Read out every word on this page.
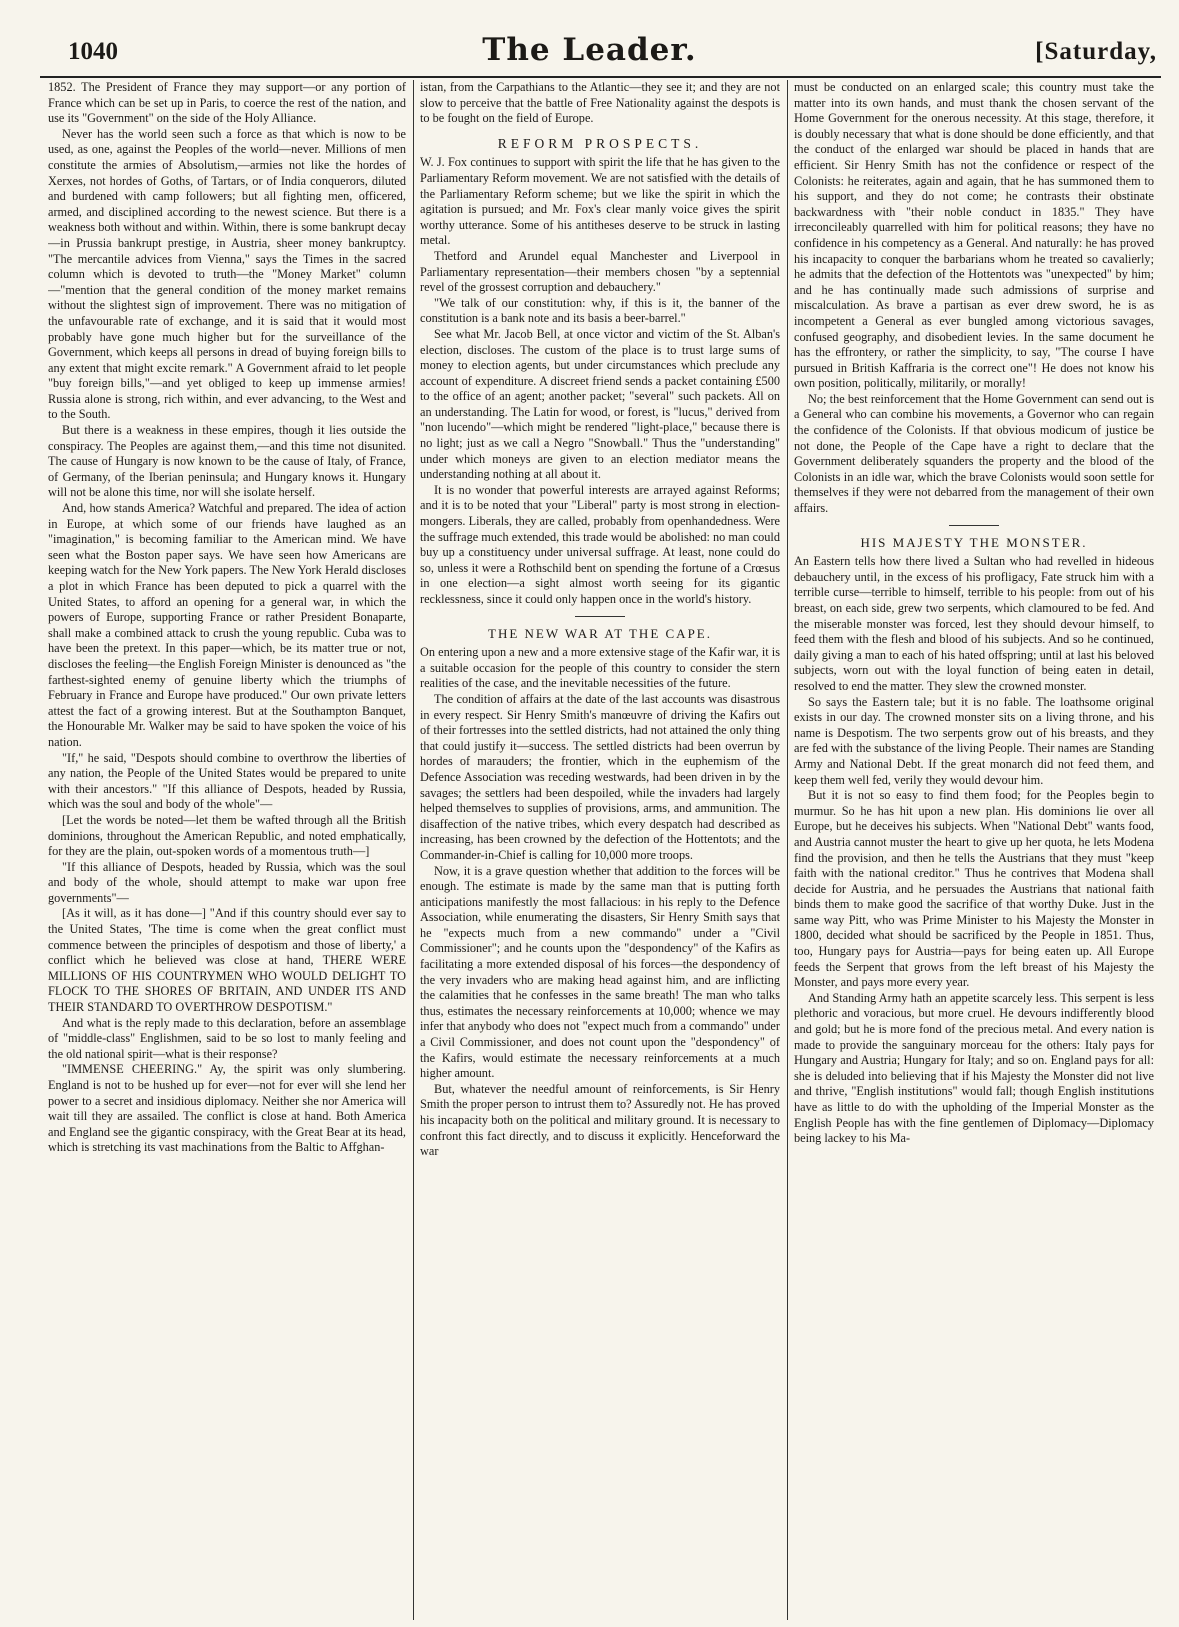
1040	The Leader.	[Saturday,

1852. The President of France they may support—or any portion of France which can be set up in Paris, to coerce the rest of the nation, and use its "Government" on the side of the Holy Alliance.

Never has the world seen such a force as that which is now to be used, as one, against the Peoples of the world—never. Millions of men constitute the armies of Absolutism,—armies not like the hordes of Xerxes, not hordes of Goths, of Tartars, or of India conquerors, diluted and burdened with camp followers; but all fighting men, officered, armed, and disciplined according to the newest science. But there is a weakness both without and within. Within, there is some bankrupt decay—in Prussia bankrupt prestige, in Austria, sheer money bankruptcy. "The mercantile advices from Vienna," says the Times in the sacred column which is devoted to truth—the "Money Market" column—"mention that the general condition of the money market remains without the slightest sign of improvement. There was no mitigation of the unfavourable rate of exchange, and it is said that it would most probably have gone much higher but for the surveillance of the Government, which keeps all persons in dread of buying foreign bills to any extent that might excite remark." A Government afraid to let people "buy foreign bills,"—and yet obliged to keep up immense armies! Russia alone is strong, rich within, and ever advancing, to the West and to the South.

But there is a weakness in these empires, though it lies outside the conspiracy. The Peoples are against them,—and this time not disunited. The cause of Hungary is now known to be the cause of Italy, of France, of Germany, of the Iberian peninsula; and Hungary knows it. Hungary will not be alone this time, nor will she isolate herself.

And, how stands America? Watchful and prepared. The idea of action in Europe, at which some of our friends have laughed as an "imagination," is becoming familiar to the American mind. We have seen what the Boston paper says. We have seen how Americans are keeping watch for the New York papers. The New York Herald discloses a plot in which France has been deputed to pick a quarrel with the United States, to afford an opening for a general war, in which the powers of Europe, supporting France or rather President Bonaparte, shall make a combined attack to crush the young republic. Cuba was to have been the pretext. In this paper—which, be its matter true or not, discloses the feeling—the English Foreign Minister is denounced as "the farthest-sighted enemy of genuine liberty which the triumphs of February in France and Europe have produced." Our own private letters attest the fact of a growing interest. But at the Southampton Banquet, the Honourable Mr. Walker may be said to have spoken the voice of his nation.

"If," he said, "Despots should combine to overthrow the liberties of any nation, the People of the United States would be prepared to unite with their ancestors." "If this alliance of Despots, headed by Russia, which was the soul and body of the whole"—

[Let the words be noted—let them be wafted through all the British dominions, throughout the American Republic, and noted emphatically, for they are the plain, out-spoken words of a momentous truth—]

"If this alliance of Despots, headed by Russia, which was the soul and body of the whole, should attempt to make war upon free governments"—

[As it will, as it has done—] "And if this country should ever say to the United States, 'The time is come when the great conflict must commence between the principles of despotism and those of liberty,' a conflict which he believed was close at hand, THERE WERE MILLIONS OF HIS COUNTRYMEN WHO WOULD DELIGHT TO FLOCK TO THE SHORES OF BRITAIN, AND UNDER ITS AND THEIR STANDARD TO OVERTHROW DESPOTISM."

And what is the reply made to this declaration, before an assemblage of "middle-class" Englishmen, said to be so lost to manly feeling and the old national spirit—what is their response?

"IMMENSE CHEERING." Ay, the spirit was only slumbering. England is not to be hushed up for ever—not for ever will she lend her power to a secret and insidious diplomacy. Neither she nor America will wait till they are assailed. The conflict is close at hand. Both America and England see the gigantic conspiracy, with the Great Bear at its head, which is stretching its vast machinations from the Baltic to Affghan-

istan, from the Carpathians to the Atlantic—they see it; and they are not slow to perceive that the battle of Free Nationality against the despots is to be fought on the field of Europe.

REFORM PROSPECTS.

W. J. Fox continues to support with spirit the life that he has given to the Parliamentary Reform movement. We are not satisfied with the details of the Parliamentary Reform scheme; but we like the spirit in which the agitation is pursued; and Mr. Fox's clear manly voice gives the spirit worthy utterance. Some of his antitheses deserve to be struck in lasting metal.

Thetford and Arundel equal Manchester and Liverpool in Parliamentary representation—their members chosen "by a septennial revel of the grossest corruption and debauchery."

"We talk of our constitution: why, if this is it, the banner of the constitution is a bank note and its basis a beer-barrel."

See what Mr. Jacob Bell, at once victor and victim of the St. Alban's election, discloses. The custom of the place is to trust large sums of money to election agents, but under circumstances which preclude any account of expenditure. A discreet friend sends a packet containing £500 to the office of an agent; another packet; "several" such packets. All on an understanding. The Latin for wood, or forest, is "lucus," derived from "non lucendo"—which might be rendered "light-place," because there is no light; just as we call a Negro "Snowball." Thus the "understanding" under which moneys are given to an election mediator means the understanding nothing at all about it.

It is no wonder that powerful interests are arrayed against Reforms; and it is to be noted that your "Liberal" party is most strong in election-mongers. Liberals, they are called, probably from openhandedness. Were the suffrage much extended, this trade would be abolished: no man could buy up a constituency under universal suffrage. At least, none could do so, unless it were a Rothschild bent on spending the fortune of a Crœsus in one election—a sight almost worth seeing for its gigantic recklessness, since it could only happen once in the world's history.

THE NEW WAR AT THE CAPE.

On entering upon a new and a more extensive stage of the Kafir war, it is a suitable occasion for the people of this country to consider the stern realities of the case, and the inevitable necessities of the future.

The condition of affairs at the date of the last accounts was disastrous in every respect. Sir Henry Smith's manœuvre of driving the Kafirs out of their fortresses into the settled districts, had not attained the only thing that could justify it—success. The settled districts had been overrun by hordes of marauders; the frontier, which in the euphemism of the Defence Association was receding westwards, had been driven in by the savages; the settlers had been despoiled, while the invaders had largely helped themselves to supplies of provisions, arms, and ammunition. The disaffection of the native tribes, which every despatch had described as increasing, has been crowned by the defection of the Hottentots; and the Commander-in-Chief is calling for 10,000 more troops.

Now, it is a grave question whether that addition to the forces will be enough. The estimate is made by the same man that is putting forth anticipations manifestly the most fallacious: in his reply to the Defence Association, while enumerating the disasters, Sir Henry Smith says that he "expects much from a new commando" under a "Civil Commissioner"; and he counts upon the "despondency" of the Kafirs as facilitating a more extended disposal of his forces—the despondency of the very invaders who are making head against him, and are inflicting the calamities that he confesses in the same breath! The man who talks thus, estimates the necessary reinforcements at 10,000; whence we may infer that anybody who does not "expect much from a commando" under a Civil Commissioner, and does not count upon the "despondency" of the Kafirs, would estimate the necessary reinforcements at a much higher amount.

But, whatever the needful amount of reinforcements, is Sir Henry Smith the proper person to intrust them to? Assuredly not. He has proved his incapacity both on the political and military ground. It is necessary to confront this fact directly, and to discuss it explicitly. Henceforward the war

must be conducted on an enlarged scale; this country must take the matter into its own hands, and must thank the chosen servant of the Home Government for the onerous necessity. At this stage, therefore, it is doubly necessary that what is done should be done efficiently, and that the conduct of the enlarged war should be placed in hands that are efficient. Sir Henry Smith has not the confidence or respect of the Colonists: he reiterates, again and again, that he has summoned them to his support, and they do not come; he contrasts their obstinate backwardness with "their noble conduct in 1835." They have irreconcileably quarrelled with him for political reasons; they have no confidence in his competency as a General. And naturally: he has proved his incapacity to conquer the barbarians whom he treated so cavalierly; he admits that the defection of the Hottentots was "unexpected" by him; and he has continually made such admissions of surprise and miscalculation. As brave a partisan as ever drew sword, he is as incompetent a General as ever bungled among victorious savages, confused geography, and disobedient levies. In the same document he has the effrontery, or rather the simplicity, to say, "The course I have pursued in British Kaffraria is the correct one"! He does not know his own position, politically, militarily, or morally!

No; the best reinforcement that the Home Government can send out is a General who can combine his movements, a Governor who can regain the confidence of the Colonists. If that obvious modicum of justice be not done, the People of the Cape have a right to declare that the Government deliberately squanders the property and the blood of the Colonists in an idle war, which the brave Colonists would soon settle for themselves if they were not debarred from the management of their own affairs.

HIS MAJESTY THE MONSTER.

An Eastern tells how there lived a Sultan who had revelled in hideous debauchery until, in the excess of his profligacy, Fate struck him with a terrible curse—terrible to himself, terrible to his people: from out of his breast, on each side, grew two serpents, which clamoured to be fed. And the miserable monster was forced, lest they should devour himself, to feed them with the flesh and blood of his subjects. And so he continued, daily giving a man to each of his hated offspring; until at last his beloved subjects, worn out with the loyal function of being eaten in detail, resolved to end the matter. They slew the crowned monster.

So says the Eastern tale; but it is no fable. The loathsome original exists in our day. The crowned monster sits on a living throne, and his name is Despotism. The two serpents grow out of his breasts, and they are fed with the substance of the living People. Their names are Standing Army and National Debt. If the great monarch did not feed them, and keep them well fed, verily they would devour him.

But it is not so easy to find them food; for the Peoples begin to murmur. So he has hit upon a new plan. His dominions lie over all Europe, but he deceives his subjects. When "National Debt" wants food, and Austria cannot muster the heart to give up her quota, he lets Modena find the provision, and then he tells the Austrians that they must "keep faith with the national creditor." Thus he contrives that Modena shall decide for Austria, and he persuades the Austrians that national faith binds them to make good the sacrifice of that worthy Duke. Just in the same way Pitt, who was Prime Minister to his Majesty the Monster in 1800, decided what should be sacrificed by the People in 1851. Thus, too, Hungary pays for Austria—pays for being eaten up. All Europe feeds the Serpent that grows from the left breast of his Majesty the Monster, and pays more every year.

And Standing Army hath an appetite scarcely less. This serpent is less plethoric and voracious, but more cruel. He devours indifferently blood and gold; but he is more fond of the precious metal. And every nation is made to provide the sanguinary morceau for the others: Italy pays for Hungary and Austria; Hungary for Italy; and so on. England pays for all: she is deluded into believing that if his Majesty the Monster did not live and thrive, "English institutions" would fall; though English institutions have as little to do with the upholding of the Imperial Monster as the English People has with the fine gentlemen of Diplomacy—Diplomacy being lackey to his Ma-
